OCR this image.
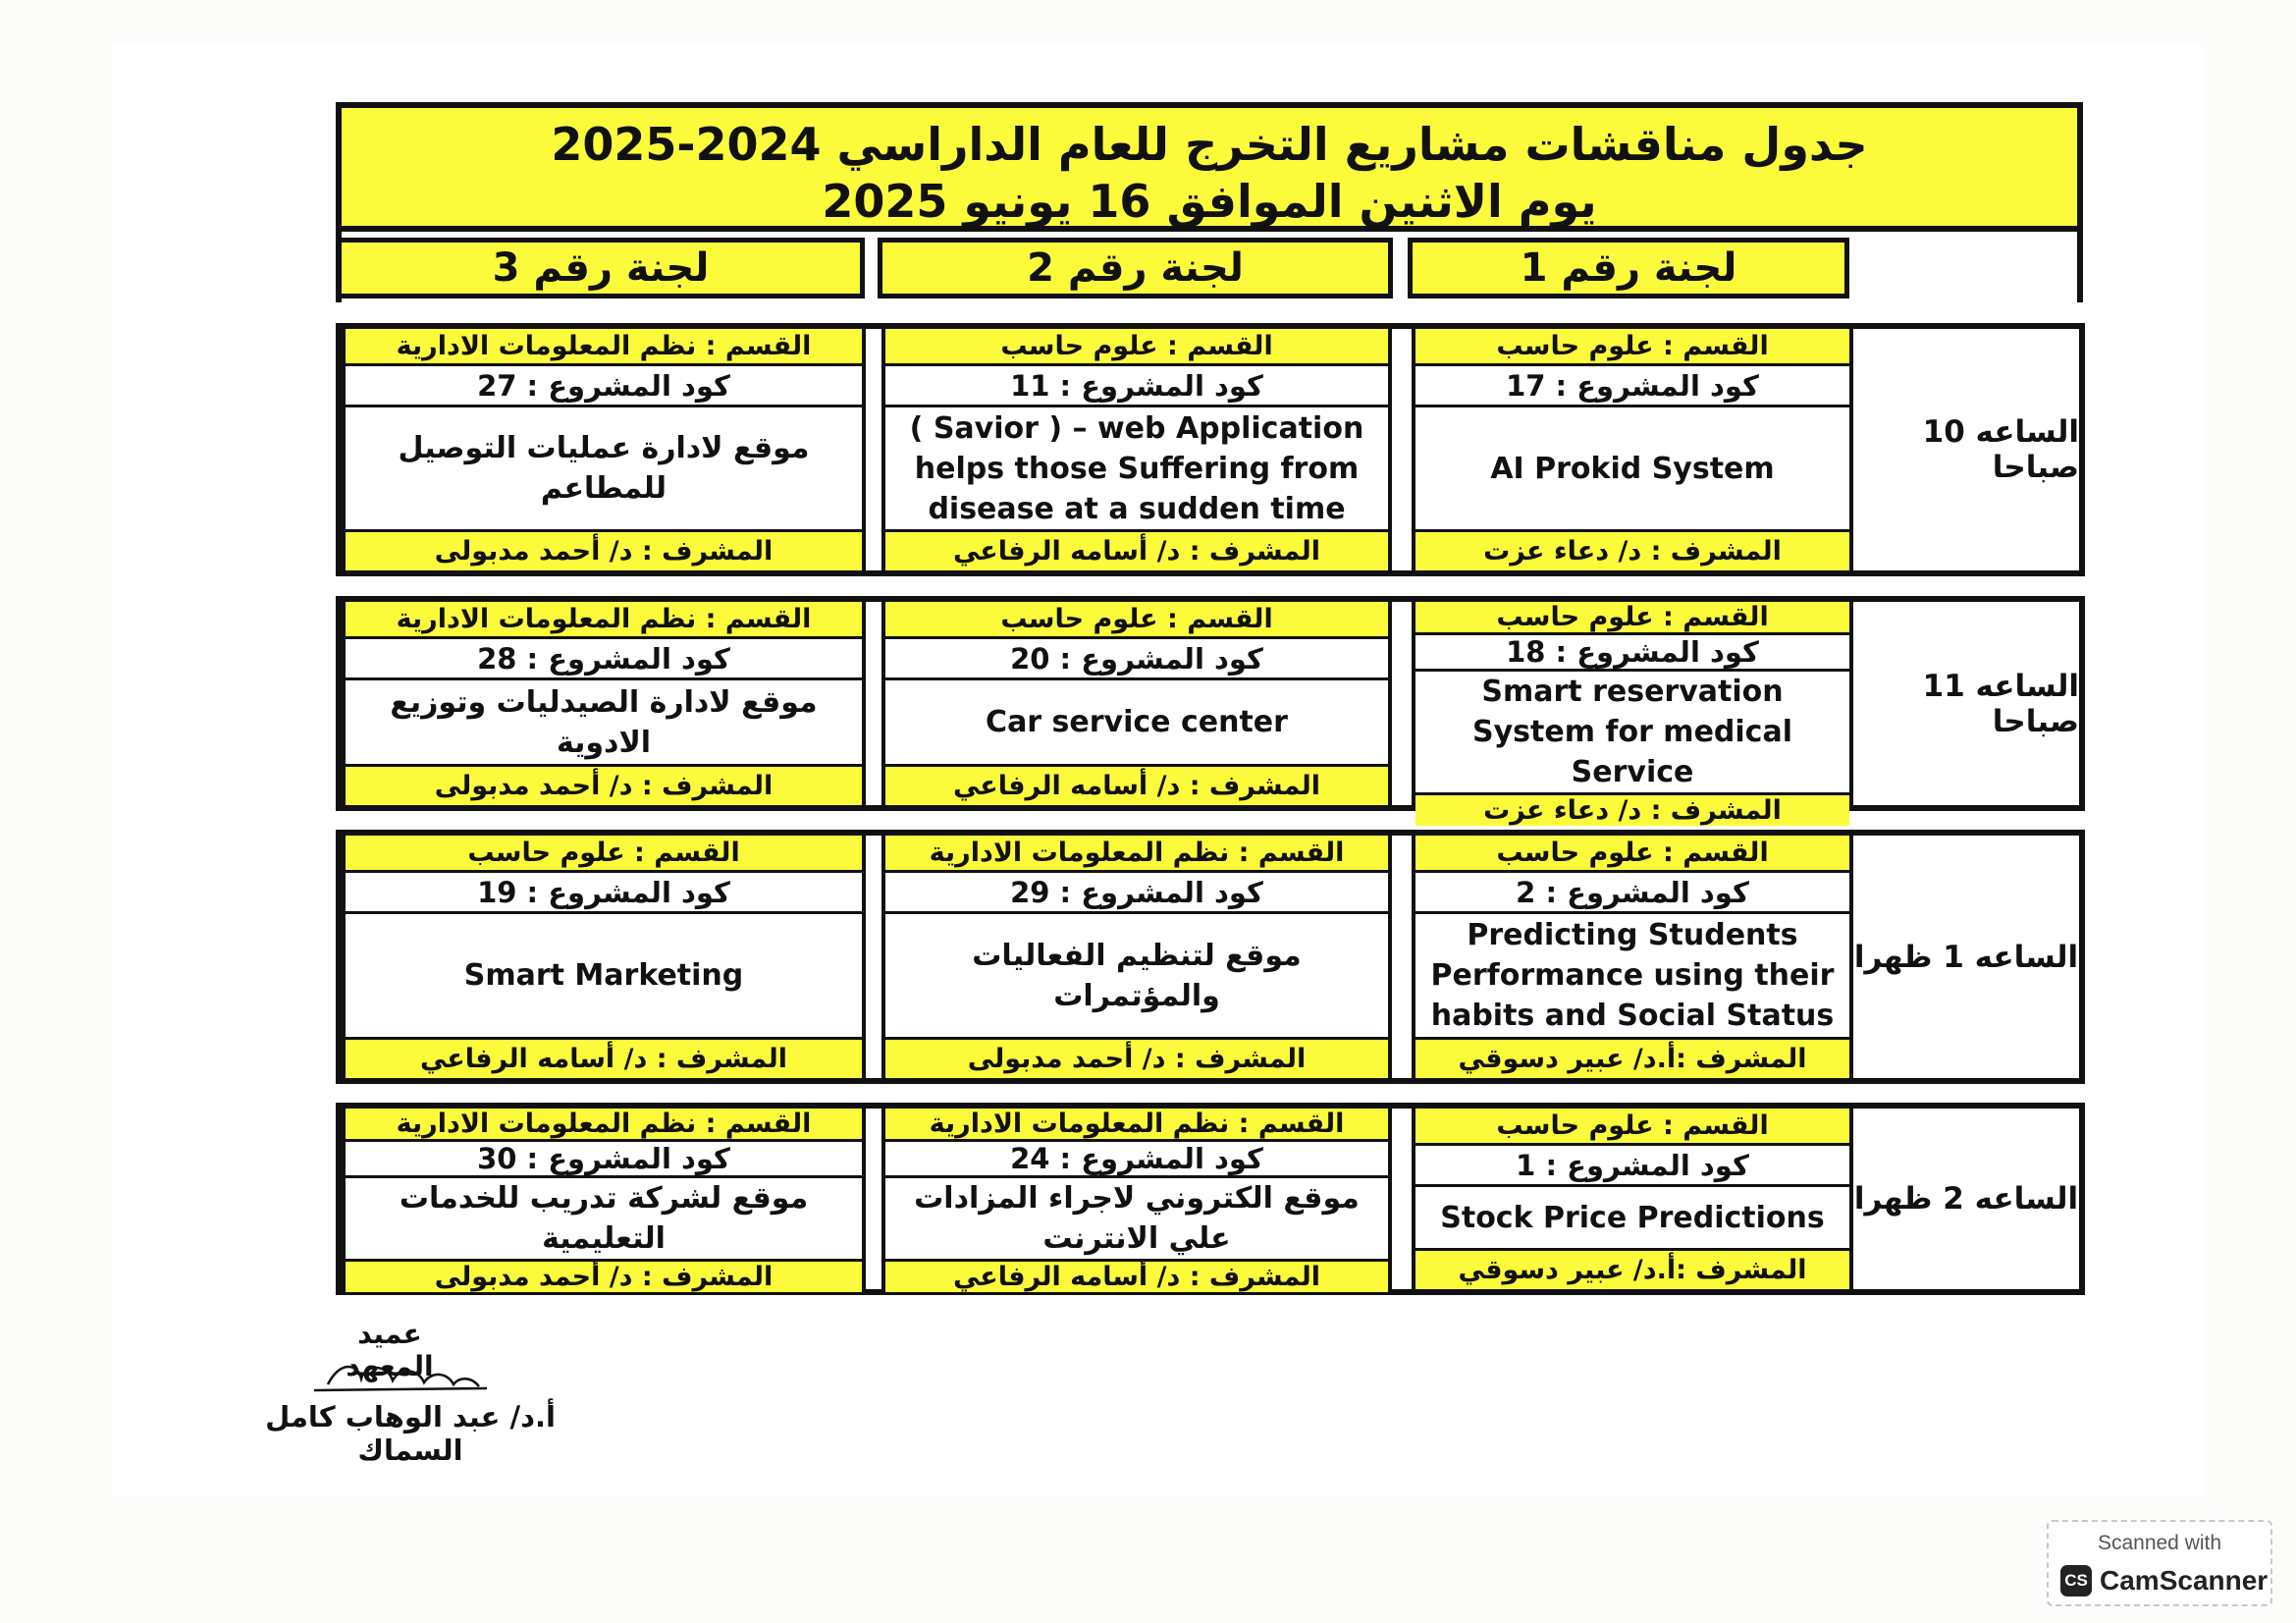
جدول مناقشات مشاريع التخرج للعام الداراسي 2024-2025
يوم الاثنين الموافق 16 يونيو 2025
لجنة رقم 1
لجنة رقم 2
لجنة رقم 3
الساعه 10 صباحا
القسم : علوم حاسب
كود المشروع : 17
AI Prokid System
المشرف : د/ دعاء عزت
القسم : علوم حاسب
كود المشروع : 11
( Savior ) – web Application helps those Suffering from disease at a sudden time
المشرف : د/ أسامه الرفاعي
القسم : نظم المعلومات الادارية
كود المشروع : 27
موقع لادارة عمليات التوصيل للمطاعم
المشرف : د/ أحمد مدبولى
الساعه 11 صباحا
القسم : علوم حاسب
كود المشروع : 18
Smart reservation System for medical Service
المشرف : د/ دعاء عزت
القسم : علوم حاسب
كود المشروع : 20
Car service center
المشرف : د/ أسامه الرفاعي
القسم : نظم المعلومات الادارية
كود المشروع : 28
موقع لادارة الصيدليات وتوزيع الادوية
المشرف : د/ أحمد مدبولى
الساعه 1 ظهرا
القسم : علوم حاسب
كود المشروع : 2
Predicting Students Performance using their habits and Social Status
المشرف :أ.د/ عبير دسوقي
القسم : نظم المعلومات الادارية
كود المشروع : 29
موقع لتنظيم الفعاليات والمؤتمرات
المشرف : د/ أحمد مدبولى
القسم : علوم حاسب
كود المشروع : 19
Smart Marketing
المشرف : د/ أسامه الرفاعي
الساعه 2 ظهرا
القسم : علوم حاسب
كود المشروع : 1
Stock Price Predictions
المشرف :أ.د/ عبير دسوقي
القسم : نظم المعلومات الادارية
كود المشروع : 24
موقع الكتروني لاجراء المزادات علي الانترنت
المشرف : د/ أسامه الرفاعي
القسم : نظم المعلومات الادارية
كود المشروع : 30
موقع لشركة تدريب للخدمات التعليمية
المشرف : د/ أحمد مدبولى
عميد المعهد
أ.د/ عبد الوهاب كامل السماك
Scanned with
CS CamScanner
